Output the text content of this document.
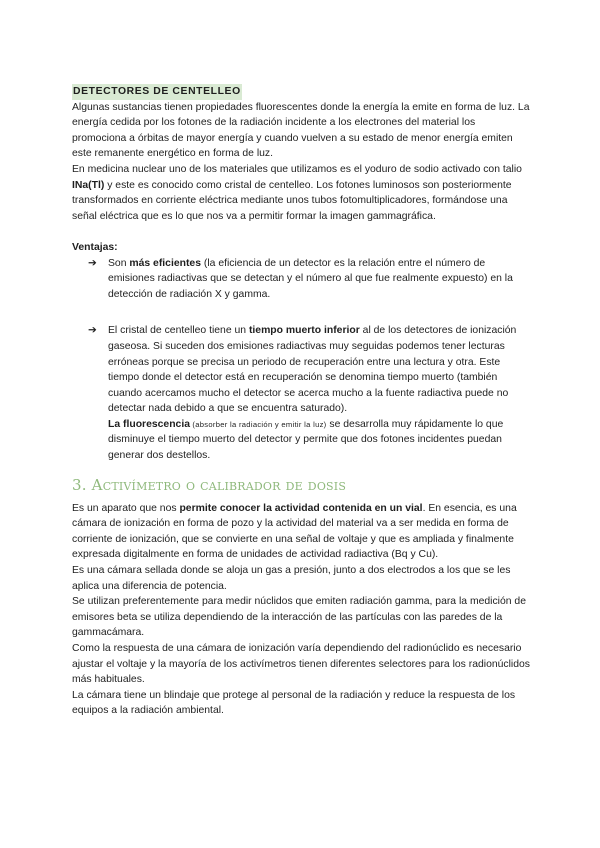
DETECTORES DE CENTELLEO

Algunas sustancias tienen propiedades fluorescentes donde la energía la emite en forma de luz. La energía cedida por los fotones de la radiación incidente a los electrones del material los promociona a órbitas de mayor energía y cuando vuelven a su estado de menor energía emiten este remanente energético en forma de luz.

En medicina nuclear uno de los materiales que utilizamos es el yoduro de sodio activado con talio INa(Tl) y este es conocido como cristal de centelleo. Los fotones luminosos son posteriormente transformados en corriente eléctrica mediante unos tubos fotomultiplicadores, formándose una señal eléctrica que es lo que nos va a permitir formar la imagen gammagráfica.

Ventajas:

➔ Son más eficientes (la eficiencia de un detector es la relación entre el número de emisiones radiactivas que se detectan y el número al que fue realmente expuesto) en la detección de radiación X y gamma.
➔ El cristal de centelleo tiene un tiempo muerto inferior al de los detectores de ionización gaseosa. Si suceden dos emisiones radiactivas muy seguidas podemos tener lecturas erróneas porque se precisa un periodo de recuperación entre una lectura y otra. Este tiempo donde el detector está en recuperación se denomina tiempo muerto (también cuando acercamos mucho el detector se acerca mucho a la fuente radiactiva puede no detectar nada debido a que se encuentra saturado).
La fluorescencia (absorber la radiación y emitir la luz) se desarrolla muy rápidamente lo que disminuye el tiempo muerto del detector y permite que dos fotones incidentes puedan generar dos destellos.
3. Activímetro o calibrador de dosis

Es un aparato que nos permite conocer la actividad contenida en un vial. En esencia, es una cámara de ionización en forma de pozo y la actividad del material va a ser medida en forma de corriente de ionización, que se convierte en una señal de voltaje y que es ampliada y finalmente expresada digitalmente en forma de unidades de actividad radiactiva (Bq y Cu).

Es una cámara sellada donde se aloja un gas a presión, junto a dos electrodos a los que se les aplica una diferencia de potencia.

Se utilizan preferentemente para medir núclidos que emiten radiación gamma, para la medición de emisores beta se utiliza dependiendo de la interacción de las partículas con las paredes de la gammacámara.

Como la respuesta de una cámara de ionización varía dependiendo del radionúclido es necesario ajustar el voltaje y la mayoría de los activímetros tienen diferentes selectores para los radionúclidos más habituales.

La cámara tiene un blindaje que protege al personal de la radiación y reduce la respuesta de los equipos a la radiación ambiental.
